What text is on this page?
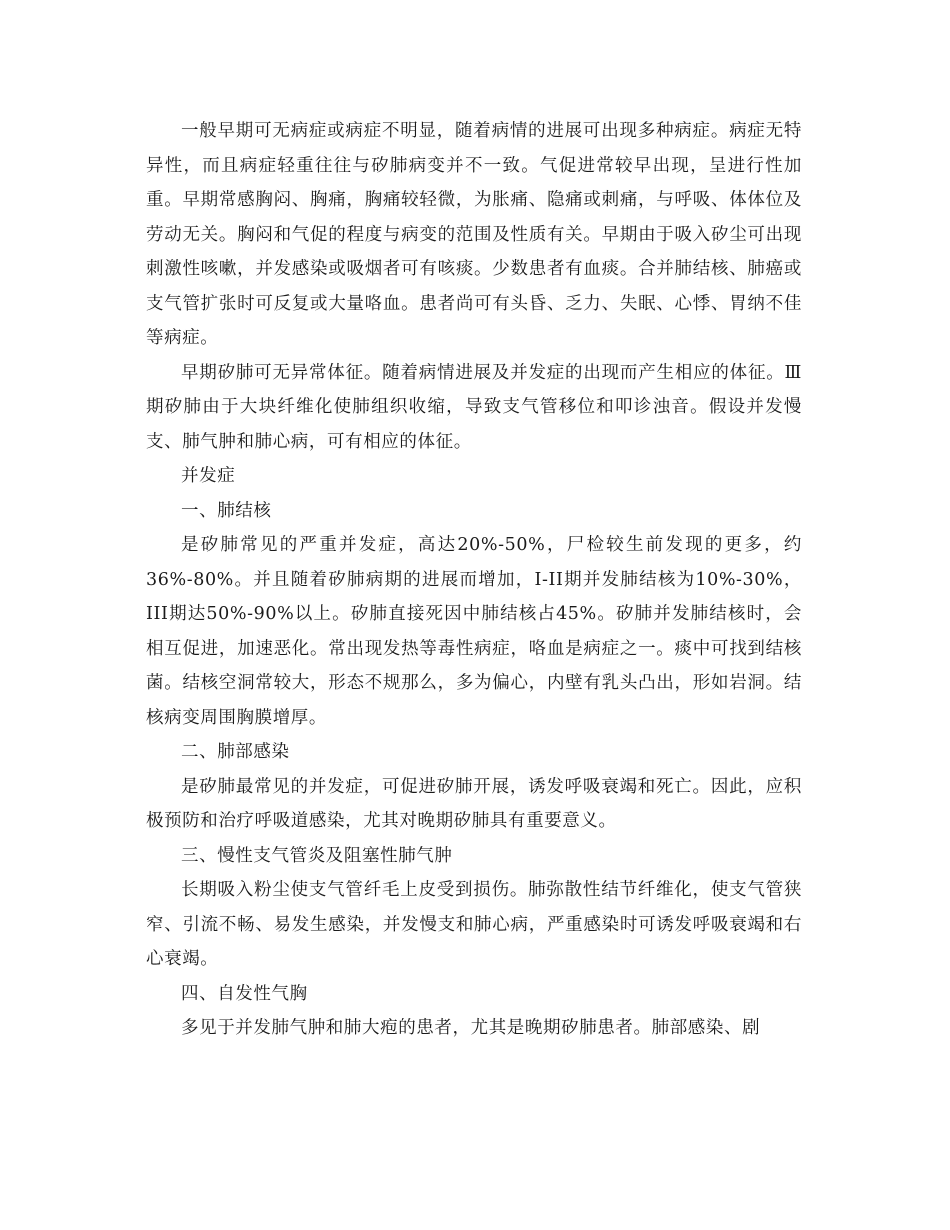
一般早期可无病症或病症不明显，随着病情的进展可出现多种病症。病症无特异性，而且病症轻重往往与矽肺病变并不一致。气促进常较早出现，呈进行性加重。早期常感胸闷、胸痛，胸痛较轻微，为胀痛、隐痛或刺痛，与呼吸、体体位及劳动无关。胸闷和气促的程度与病变的范围及性质有关。早期由于吸入矽尘可出现刺激性咳嗽，并发感染或吸烟者可有咳痰。少数患者有血痰。合并肺结核、肺癌或支气管扩张时可反复或大量咯血。患者尚可有头昏、乏力、失眠、心悸、胃纳不佳等病症。

早期矽肺可无异常体征。随着病情进展及并发症的出现而产生相应的体征。Ⅲ期矽肺由于大块纤维化使肺组织收缩，导致支气管移位和叩诊浊音。假设并发慢支、肺气肿和肺心病，可有相应的体征。

并发症

一、肺结核

是矽肺常见的严重并发症，高达20%-50%，尸检较生前发现的更多，约36%-80%。并且随着矽肺病期的进展而增加，I-II期并发肺结核为10%-30%，III期达50%-90%以上。矽肺直接死因中肺结核占45%。矽肺并发肺结核时，会相互促进，加速恶化。常出现发热等毒性病症，咯血是病症之一。痰中可找到结核菌。结核空洞常较大，形态不规那么，多为偏心，内壁有乳头凸出，形如岩洞。结核病变周围胸膜增厚。

二、肺部感染

是矽肺最常见的并发症，可促进矽肺开展，诱发呼吸衰竭和死亡。因此，应积极预防和治疗呼吸道感染，尤其对晚期矽肺具有重要意义。

三、慢性支气管炎及阻塞性肺气肿

长期吸入粉尘使支气管纤毛上皮受到损伤。肺弥散性结节纤维化，使支气管狭窄、引流不畅、易发生感染，并发慢支和肺心病，严重感染时可诱发呼吸衰竭和右心衰竭。

四、自发性气胸

多见于并发肺气肿和肺大疱的患者，尤其是晚期矽肺患者。肺部感染、剧
